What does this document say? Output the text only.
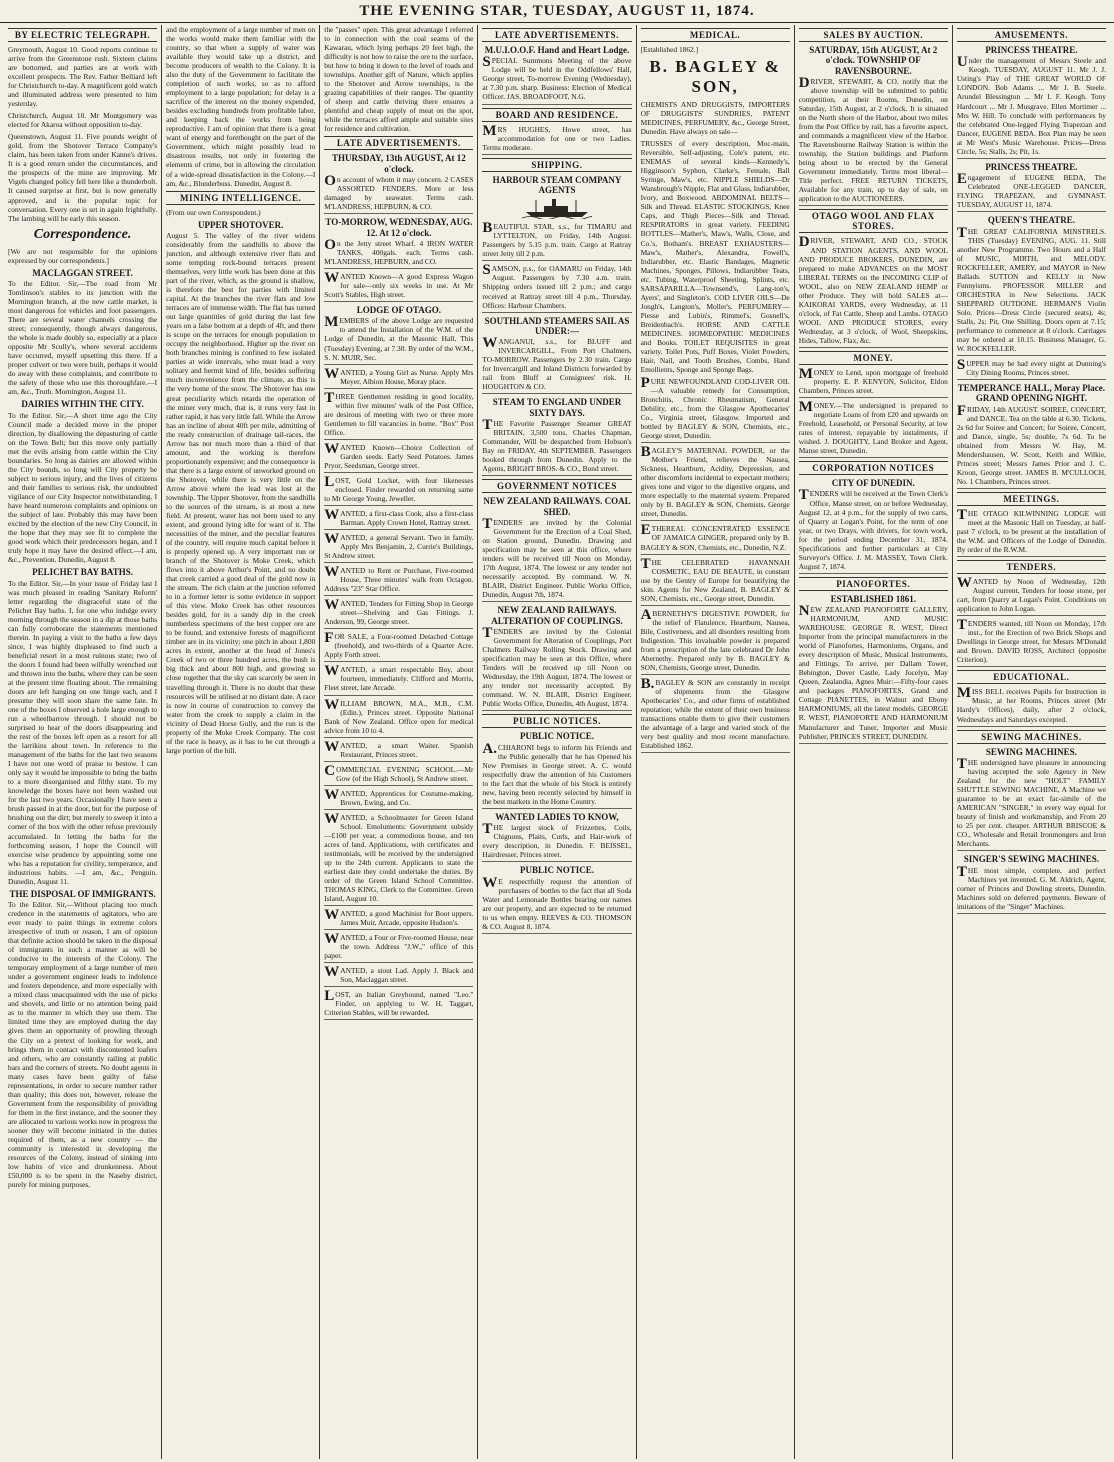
THE EVENING STAR, TUESDAY, AUGUST 11, 1874.
BY ELECTRIC TELEGRAPH.

Greymouth, August 10. Good reports continue to arrive from the Greenstone rush. Sixteen claims are bottomed, and parties are at work with excellent prospects. The Rev. Father Belliard left for Christchurch to-day. A magnificent gold watch and illuminated address were presented to him yesterday.

Christchurch, August 10. Mr Montgomery was elected for Akaroa without opposition to-day.

Queenstown, August 11. Five pounds weight of gold, from the Shotover Terrace Company's claim, has been taken from under Kanne's drives. It is a good return under the circumstances, and the prospects of the mine are improving. Mr Vigels changed policy fell here like a thunderbolt. It caused surprise at first, but is now generally approved, and is the popular topic for conversation. Every one is set in again frightfully. The lambing will be early this season.

Correspondence.

[We are not responsible for the opinions expressed by our correspondents.]

MACLAGGAN STREET.

To the Editor. Sir,—The road from Mr Tomlinson's stables to its junction with the Mornington branch, at the new cattle market, is most dangerous for vehicles and foot passengers. There are several water channels crossing the street; consequently, though always dangerous, the whole is made doubly so, especially at a place opposite Mr Scully's, where several accidents have occurred, myself upsetting this there. If a proper culvert or two were built, perhaps it would do away with these complaints, and contribute to the safety of those who use this thoroughfare.—I am, &c., Truth. Mornington, August 11.

DAIRIES WITHIN THE CITY.

To the Editor. Sir,—A short time ago the City Council made a decided move in the proper direction, by disallowing the depasturing of cattle on the Town Belt; but this move only partially met the evils arising from cattle within the City boundaries. So long as dairies are allowed within the City bounds, so long will City property be subject to serious injury, and the lives of citizens and their families to serious risk, the undoubted vigilance of our City Inspector notwithstanding. I have heard numerous complaints and opinions on the subject of late. Probably this may have been excited by the election of the new City Council, in the hope that they may see fit to complete the good work which their predecessors began, and I truly hope it may have the desired effect.—I am, &c., Prevention. Dunedin, August 8.

PELICHET BAY BATHS.

To the Editor. Sir,—In your issue of Friday last I was much pleased in reading 'Sanitary Reform' letter regarding the disgraceful state of the Pelichet Bay baths. I, for one who indulge every morning through the season in a dip at those baths can fully corroborate the statements mentioned therein. In paying a visit to the baths a few days since, I was highly displeased to find such a beneficial resort in a most ruinous state; two of the doors I found had been wilfully wrenched out and thrown into the baths, where they can be seen at the present time floating about. The remaining doors are left hanging on one hinge each, and I presume they will soon share the same fate. In one of the boxes I observed a hole large enough to run a wheelbarrow through. I should not be surprised to hear of the doors disappearing and the rest of the boxes left open as a resort for all the larrikins about town. In reference to the management of the baths for the last two seasons I have not one word of praise to bestow. I can only say it would be impossible to bring the baths to a more disorganised and filthy state. To my knowledge the boxes have not been washed out for the last two years. Occasionally I have seen a brush passed in at the door, but for the purpose of brushing out the dirt; but merely to sweep it into a corner of the box with the other refuse previously accumulated. In letting the baths for the forthcoming season, I hope the Council will exercise wise prudence by appointing some one who has a reputation for civility, temperance, and industrious habits. —I am, &c., Penguin. Dunedin, August 11.

THE DISPOSAL OF IMMIGRANTS.

To the Editor. Sir,—Without placing too much credence in the statements of agitators, who are ever ready to paint things in extreme colors irrespective of truth or reason, I am of opinion that definite action should be taken in the disposal of immigrants in such a manner as will be conducive to the interests of the Colony. The temporary employment of a large number of men under a government engineer leads to indolence and fosters dependence, and more especially with a mixed class unacquainted with the use of picks and shovels, and little or no attention being paid as to the manner in which they use them. The limited time they are employed during the day gives them an opportunity of prowling through the City on a pretext of looking for work, and brings them in contact with discontented loafers and others, who are constantly railing at public bars and the corners of streets. No doubt agents in many cases have been guilty of false representations, in order to secure number rather than quality; this does not, however, release the Government from the responsibility of providing for them in the first instance, and the sooner they are allocated to various works now in progress the sooner they will become initiated in the duties required of them, as a new country — the community is interested in developing the resources of the Colony, instead of sinking into low habits of vice and drunkenness. About £50,000 is to be spent in the Naseby district, purely for mining purposes,

and the employment of a large number of men on the works would make them familiar with the country, so that when a supply of water was available they would take up a district, and become producers of wealth to the Colony. It is also the duty of the Government to facilitate the completion of such works, so as to afford employment to a large population; for delay is a sacrifice of the interest on the money expended, besides excluding hundreds from profitable labor, and keeping back the works from being reproductive. I am of opinion that there is a great want of energy and forethought on the part of the Government, which might possibly lead to disastrous results, not only in fostering the elements of crime, but in allowing the circulation of a wide-spread dissatisfaction in the Colony.—I am, &c., Blunderbuss. Dunedin, August 8.

MINING INTELLIGENCE.

(From our own Correspondent.)

UPPER SHOTOVER.

August 5. The valley of the river widens considerably from the sandhills to above the junction, and although extensive river flats and some tempting rock-bound terraces present themselves, very little work has been done at this part of the river, which, as the ground is shallow, is therefore the best for parties with limited capital. At the branches the river flats and low terraces are of immense width. The flat has turned out large quantities of gold during the last few years on a false bottom at a depth of 4ft, and there is scope on the terraces for enough population to occupy the neighborhood. Higher up the river on both branches mining is confined to few isolated parties at wide intervals, who must lead a very solitary and hermit kind of life, besides suffering much inconvenience from the climate, as this is the very home of the snow. The Shotover has one great peculiarity which retards the operation of the miner very much, that is, it runs very fast in rather rapid, it has very little fall. While the Arrow has an incline of about 40ft per mile, admitting of the ready construction of drainage tail-races, the Arrow has not much more than a third of that amount, and the working is therefore proportionately expensive; and the consequence is that there is a large extent of unworked ground on the Shotover, while there is very little on the Arrow above where the lead was lost at the township. The Upper Shotover, from the sandhills to the sources of the stream, is at most a new field. At present, water has not been used to any extent, and ground lying idle for want of it. The necessities of the miner, and the peculiar features of the country, will require much capital before it is properly opened up. A very important run or branch of the Shotover is Moke Creek, which flows into it above Arthur's Point, and no doubt that creek carried a good deal of the gold now in the stream. The rich claim at the junction referred to in a former letter is some evidence in support of this view. Moke Creek has other resources besides gold, for in a sandy dip in the creek numberless specimens of the best copper ore are to be found, and extensive forests of magnificent timber are in its vicinity; one pitch in about 1,800 acres in extent, another at the head of Jones's Creek of two or three hundred acres, the bush is big thick and about 800 high, and growing so close together that the sky can scarcely be seen in travelling through it. There is no doubt that these resources will be utilised at no distant date. A race is now in course of construction to convey the water from the creek to supply a claim in the vicinity of Dead Horse Gully, and the run is the property of the Moke Creek Company. The cost of the race is heavy, as it has to be cut through a large portion of the hill.

the "passes" open. This great advantage I referred to in connection with the coal seams of the Kawarau, which lying perhaps 20 feet high, the difficulty is not how to raise the ore to the surface, but how to bring it down to the level of roads and townships. Another gift of Nature, which applies to the Shotover and Arrow townships, is the grazing capabilities of their ranges. The quantity of sheep and cattle thriving there ensures a plentiful and cheap supply of meat on the spot, while the terraces afford ample and suitable sites for residence and cultivation.

LATE ADVERTISEMENTS.
THURSDAY, 13th AUGUST, At 12 o'clock.

On account of whom it may concern. 2 CASES ASSORTED FENDERS. More or less damaged by seawater. Terms cash. M'LANDRESS, HEPBURN, & CO.

TO-MORROW, WEDNESDAY, AUG. 12. At 12 o'clock.

On the Jetty street Wharf. 4 IRON WATER TANKS, 400gals. each. Terms cash. M'LANDRESS, HEPBURN, and CO.

WANTED Known—A good Express Wagon for sale—only six weeks in use. At Mr Scott's Stables, High street.

LODGE OF OTAGO.

MEMBERS of the above Lodge are requested to attend the Installation of the W.M. of the Lodge of Dunedin, at the Masonic Hall, This (Tuesday) Evening, at 7.30. By order of the W.M., S. N. MUIR, Sec.

WANTED, a Young Girl as Nurse. Apply Mrs Meyer, Albion House, Moray place.

THREE Gentlemen residing in good locality, within five minutes' walk of the Post Office, are desirous of meeting with two or three more Gentlemen to fill vacancies in home. "Box" Post Office.

WANTED Known—Choice Collection of Garden seeds. Early Seed Potatoes. James Pryor, Seedsman, George street.

LOST, Gold Locket, with four likenesses enclosed. Finder rewarded on returning same to Mr George Young, Jeweller.

WANTED, a first-class Cook, also a first-class Barman. Apply Crown Hotel, Rattray street.

WANTED, a general Servant. Two in family. Apply Mrs Benjamin, 2, Currie's Buildings, St Andrew street.

WANTED to Rent or Purchase, Five-roomed House, Three minutes' walk from Octagon. Address "23" Star Office.

WANTED, Tenders for Fitting Shop in George street—Shelving and Gas Fittings. J. Anderson, 99, George street.

FOR SALE, a Four-roomed Detached Cottage (freehold), and two-thirds of a Quarter Acre. Apply Forth street.

WANTED, a smart respectable Boy, about fourteen, immediately. Clifford and Morris, Fleet street, late Arcade.

WILLIAM BROWN, M.A., M.B., C.M. (Edin.), Princes street. Opposite National Bank of New Zealand. Office open for medical advice from 10 to 4.

WANTED, a smart Waiter. Spanish Restaurant, Princes street.

COMMERCIAL EVENING SCHOOL.—Mr Gow (of the High School), St Andrew street.

WANTED, Apprentices for Costume-making. Brown, Ewing, and Co.

WANTED, a Schoolmaster for Green Island School. Emoluments: Government subsidy—£100 per year, a commodious house, and ten acres of land. Applications, with certificates and testimonials, will be received by the undersigned up to the 24th current. Applicants to state the earliest date they could undertake the duties. By order of the Green Island School Committee. THOMAS KING, Clerk to the Committee. Green Island, August 10.

WANTED, a good Machinist for Boot uppers. James Muir, Arcade, opposite Hudson's.

WANTED, a Four or Five-roomed House, near the town. Address "J.W.," office of this paper.

WANTED, a stout Lad. Apply J. Black and Son, Maclaggan street.

LOST, an Italian Greyhound, named "Leo." Finder, on applying to W. H. Taggart, Criterion Stables, will be rewarded.

LATE ADVERTISEMENTS.
M.U.I.O.O.F. Hand and Heart Lodge.

SPECIAL Summons Meeting of the above Lodge will be held in the Oddfellows' Hall, George street, To-morrow Evening (Wednesday), at 7.30 p.m. sharp. Business: Election of Medical Officer. JAS. BROADFOOT, N.G.

BOARD AND RESIDENCE.

MRS HUGHES, Howe street, has accommodation for one or two Ladies. Terms moderate.

SHIPPING.
HARBOUR STEAM COMPANY AGENTS

BEAUTIFUL STAR, s.s., for TIMARU and LYTTELTON, on Friday, 14th August. Passengers by 5.15 p.m. train. Cargo at Rattray street Jetty till 2 p.m.

SAMSON, p.s., for OAMARU on Friday, 14th August. Passengers by 7.30 a.m. train. Shipping orders issued till 2 p.m.; and cargo received at Rattray street till 4 p.m., Thursday. Offices: Harbour Chambers.

SOUTHLAND STEAMERS SAIL AS UNDER:—

WANGANUI, s.s., for BLUFF and INVERCARGILL, From Port Chalmers, TO-MORROW. Passengers by 2.30 train. Cargo for Invercargill and Inland Districts forwarded by rail from Bluff at Consignees' risk. H. HOUGHTON & CO.

STEAM TO ENGLAND UNDER SIXTY DAYS.

THE Favorite Passenger Steamer GREAT BRITAIN, 3,500 tons, Charles Chapman, Commander, Will be despatched from Hobson's Bay on FRIDAY, 4th SEPTEMBER. Passengers booked through from Dunedin. Apply to the Agents, BRIGHT BROS. & CO., Bond street.

GOVERNMENT NOTICES
NEW ZEALAND RAILWAYS. COAL SHED.

TENDERS are invited by the Colonial Government for the Erection of a Coal Shed, on Station ground, Dunedin. Drawing and specification may be seen at this office, where tenders will be received till Noon on Monday, 17th August, 1874. The lowest or any tender not necessarily accepted. By command. W. N. BLAIR, District Engineer. Public Works Office, Dunedin, August 7th, 1874.

NEW ZEALAND RAILWAYS. ALTERATION OF COUPLINGS.

TENDERS are invited by the Colonial Government for Alteration of Couplings, Port Chalmers Railway Rolling Stock. Drawing and specification may be seen at this Office, where Tenders will be received up till Noon on Wednesday, the 19th August, 1874. The lowest or any tender not necessarily accepted. By command. W. N. BLAIR, District Engineer. Public Works Office, Dunedin, 4th August, 1874.

PUBLIC NOTICES.
PUBLIC NOTICE.

A.CHIARONI begs to inform his Friends and the Public generally that he has Opened his New Premises in George street. A. C. would respectfully draw the attention of his Customers to the fact that the whole of his Stock is entirely new, having been recently selected by himself in the best markets in the Home Country.

WANTED LADIES TO KNOW,

THE largest stock of Frizzettes, Coils, Chignons, Plaits, Curls, and Hair-work of every description, in Dunedin. F. BEISSEL, Hairdresser, Princes street.

PUBLIC NOTICE.

WE respectfully request the attention of purchasers of bottles to the fact that all Soda Water and Lemonade Bottles bearing our names are our property, and are expected to be returned to us when empty. REEVES & CO. THOMSON & CO. August 8, 1874.

MEDICAL.

[Established 1862.]

B. BAGLEY & SON,

CHEMISTS AND DRUGGISTS, IMPORTERS OF DRUGGISTS' SUNDRIES, PATENT MEDICINES, PERFUMERY, &c., George Street, Dunedin. Have always on sale—

TRUSSES of every description, Moc-main, Reversible, Self-adjusting, Cole's patent, etc. ENEMAS of several kinds—Kennedy's, Higginson's Syphon, Clarke's, Female, Ball Syringe, Maw's, etc. NIPPLE SHIELDS—Dr Wansbrough's Nipple, Flat and Glass, Indiarubber, Ivory, and Boxwood. ABDOMINAL BELTS—Silk and Thread. ELASTIC STOCKINGS, Knee Caps, and Thigh Pieces—Silk and Thread. RESPIRATORS in great variety. FEEDING BOTTLES—Mather's, Maw's, Walls, Close, and Co.'s, Botham's. BREAST EXHAUSTERS—Maw's, Mather's, Alexandra, Fowell's, Indiarubber, etc. Elastic Bandages, Magnetic Machines, Sponges, Pillows, Indiarubber Teats, etc. Tubing, Waterproof Sheeting, Splints, etc. SARSAPARILLA—Townsend's, Lang-ton's, Ayers', and Singleton's. COD LIVER OILS—De Jongh's, Langton's, Moller's. PERFUMERY—Piesse and Lubin's, Rimmel's, Gosnell's, Breidenbach's. HORSE AND CATTLE MEDICINES. HOMŒOPATHIC MEDICINES and Books. TOILET REQUISITES in great variety. Toilet Pots, Puff Boxes, Violet Powders, Hair, Nail, and Tooth Brushes, Combs, Hand Emollients, Sponge and Sponge Bags.

PURE NEWFOUNDLAND COD-LIVER OIL—A valuable remedy for Consumption, Bronchitis, Chronic Rheumatism, General Debility, etc., from the Glasgow Apothecaries' Co., Virginia street, Glasgow. Imported and bottled by BAGLEY & SON, Chemists, etc., George street, Dunedin.

BAGLEY'S MATERNAL POWDER, or the Mother's Friend, relieves the Nausea, Sickness, Heartburn, Acidity, Depression, and other discomforts incidental to expectant mothers; gives tone and vigor to the digestive organs, and more especially to the maternal system. Prepared only by B. BAGLEY & SON, Chemists, George street, Dunedin.

ETHEREAL CONCENTRATED ESSENCE OF JAMAICA GINGER, prepared only by B. BAGLEY & SON, Chemists, etc., Dunedin, N.Z.

THE CELEBRATED HAVANNAH COSMETIC, EAU DE BEAUTE, in constant use by the Gentry of Europe for beautifying the skin. Agents for New Zealand, B. BAGLEY & SON, Chemists, etc., George street, Dunedin.

ABERNETHY'S DIGESTIVE POWDER, for the relief of Flatulence, Heartburn, Nausea, Bile, Costiveness, and all disorders resulting from Indigestion. This invaluable powder is prepared from a prescription of the late celebrated Dr John Abernethy. Prepared only by B. BAGLEY & SON, Chemists, George street, Dunedin.

B.BAGLEY & SON are constantly in receipt of shipments from the Glasgow Apothecaries' Co., and other firms of established reputation; while the extent of their own business transactions enable them to give their customers the advantage of a large and varied stock of the very best quality and most recent manufacture. Established 1862.

SALES BY AUCTION.
SATURDAY, 15th AUGUST, At 2 o'clock. TOWNSHIP OF RAVENSBOURNE.

DRIVER, STEWART, & CO. notify that the above township will be submitted to public competition, at their Rooms, Dunedin, on Saturday, 15th August, at 2 o'clock. It is situated on the North shore of the Harbor, about two miles from the Post Office by rail, has a favorite aspect, and commands a magnificent view of the Harbor. The Ravensbourne Railway Station is within the township, the Station buildings and Platform being about to be erected by the General Government immediately. Terms most liberal—Title perfect. FREE RETURN TICKETS, Available for any train, up to day of sale, on application to the AUCTIONEERS.

OTAGO WOOL AND FLAX STORES.

DRIVER, STEWART, AND CO., STOCK AND STATION AGENTS, AND WOOL AND PRODUCE BROKERS, DUNEDIN, are prepared to make ADVANCES on the MOST LIBERAL TERMS on the INCOMING CLIP of WOOL, also on NEW ZEALAND HEMP or other Produce. They will hold SALES at— KAIKORAI YARDS, every Wednesday, at 11 o'clock, of Fat Cattle, Sheep and Lambs. OTAGO WOOL AND PRODUCE STORES, every Wednesday, at 3 o'clock, of Wool, Sheepskins, Hides, Tallow, Flax, &c.

MONEY.

MONEY to Lend, upon mortgage of freehold property. E. P. KENYON, Solicitor, Eldon Chambers, Princes street.

MONEY.—The undersigned is prepared to negotiate Loans of from £20 and upwards on Freehold, Leasehold, or Personal Security, at low rates of interest, repayable by instalments, if wished. J. DOUGHTY, Land Broker and Agent, Manse street, Dunedin.

CORPORATION NOTICES
CITY OF DUNEDIN.

TENDERS will be received at the Town Clerk's Office, Manse street, on or before Wednesday, August 12, at 4 p.m., for the supply of two carts, of Quarry at Logan's Point, for the term of one year, or two Drays, with drivers, for town work, for the period ending December 31, 1874. Specifications and further particulars at City Surveyor's Office. J. M. MASSEY, Town Clerk. August 7, 1874.

PIANOFORTES.
ESTABLISHED 1861.

NEW ZEALAND PIANOFORTE GALLERY, HARMONIUM, AND MUSIC WAREHOUSE. GEORGE R. WEST, Direct Importer from the principal manufacturers in the world of Pianofortes, Harmoniums, Organs, and every description of Music, Musical Instruments, and Fittings. To arrive, per Dallam Tower, Bebington, Dover Castle, Lady Jocelyn, May Queen, Zealandia, Agnes Muir:—Fifty-four cases and packages PIANOFORTES, Grand and Cottage PIANETTES, in Walnut and Ebony HARMONIUMS, all the latest models. GEORGE R. WEST, PIANOFORTE AND HARMONIUM Manufacturer and Tuner, Importer and Music Publisher, PRINCES STREET, DUNEDIN.

AMUSEMENTS.
PRINCESS THEATRE.

Under the management of Messrs Steele and Keogh. TUESDAY, AUGUST 11. Mr J. J. Usting's Play of THE GREAT WORLD OF LONDON. Bob Adams ... Mr J. B. Steele. Arundel Blessington ... Mr I. F. Keogh. Tony Hardcourt ... Mr J. Musgrave. Ellen Mortimer ... Mrs W. Hill. To conclude with performances by the celebrated One-legged Flying Trapezian and Dancer, EUGENE BEDA. Box Plan may be seen at Mr West's Music Warehouse. Prices—Dress Circle, 5s; Stalls, 2s; Pit, 1s.

PRINCESS THEATRE.

Engagement of EUGENE BEDA, The Celebrated ONE-LEGGED DANCER, FLYING TRAPEZAN, and GYMNAST. TUESDAY, AUGUST 11, 1874.

QUEEN'S THEATRE.

THE GREAT CALIFORNIA MINSTRELS. THIS (Tuesday) EVENING, AUG. 11. Still another New Programme. Two Hours and a Half of MUSIC, MIRTH, and MELODY. ROCKFELLER, AMERY, and MAYOR in New Ballads. SUTTON and KELLY in New Funnyisms. PROFESSOR MILLER and ORCHESTRA in New Selections. JACK SHEPPARD OUTDONE. HERMAN'S Violin Solo. Prices—Dress Circle (secured seats), 4s; Stalls, 2s; Pit, One Shilling. Doors open at 7.15; performance to commence at 8 o'clock. Carriages may be ordered at 10.15. Business Manager, G. W. ROCKFELLER.

SUPPER may be had every night at Dunning's City Dining Rooms, Princes street.

TEMPERANCE HALL, Moray Place. GRAND OPENING NIGHT.

FRIDAY, 14th AUGUST. SOIREE, CONCERT, and DANCE. Tea on the table at 6.30. Tickets, 2s 6d for Soiree and Concert; for Soiree, Concert, and Dance, single, 5s; double, 7s 6d. To be obtained from Messrs W. Hay, M. Mendershausen, W. Scott, Keith and Wilkie, Princes street; Messrs James Prior and J. C. Kroon, George street. JAMES B. M'CULLOCH, No. 1 Chambers, Princes street.

MEETINGS.

THE OTAGO KILWINNING LODGE will meet at the Masonic Hall on Tuesday, at half-past 7 o'clock, to be present at the installation of the W.M. and Officers of the Lodge of Dunedin. By order of the R.W.M.

TENDERS.

WANTED by Noon of Wednesday, 12th August current, Tenders for loose stone, per cart, from Quarry at Logan's Point. Conditions on application to John Logan.

TENDERS wanted, till Noon on Monday, 17th inst., for the Erection of two Brick Shops and Dwellings in George street, for Messrs M'Donald and Brown. DAVID ROSS, Architect (opposite Criterion).

EDUCATIONAL.

MISS BELL receives Pupils for Instruction in Music, at her Rooms, Princes street (Mr Hardy's Offices), daily, after 2 o'clock, Wednesdays and Saturdays excepted.

SEWING MACHINES.
SEWING MACHINES.

THE undersigned have pleasure in announcing having accepted the sole Agency in New Zealand for the new "HOLT" FAMILY SHUTTLE SEWING MACHINE, A Machine we guarantee to be an exact fac-simile of the AMERICAN "SINGER," in every way equal for beauty of finish and workmanship, and From 20 to 25 per cent. cheaper. ARTHUR BRISCOE & CO., Wholesale and Retail Ironmongers and Iron Merchants.

SINGER'S SEWING MACHINES.

THE most simple, complete, and perfect Machines yet invented. G. M. Aldrich, Agent, corner of Princes and Dowling streets, Dunedin. Machines sold on deferred payments. Beware of imitations of the "Singer" Machines.
